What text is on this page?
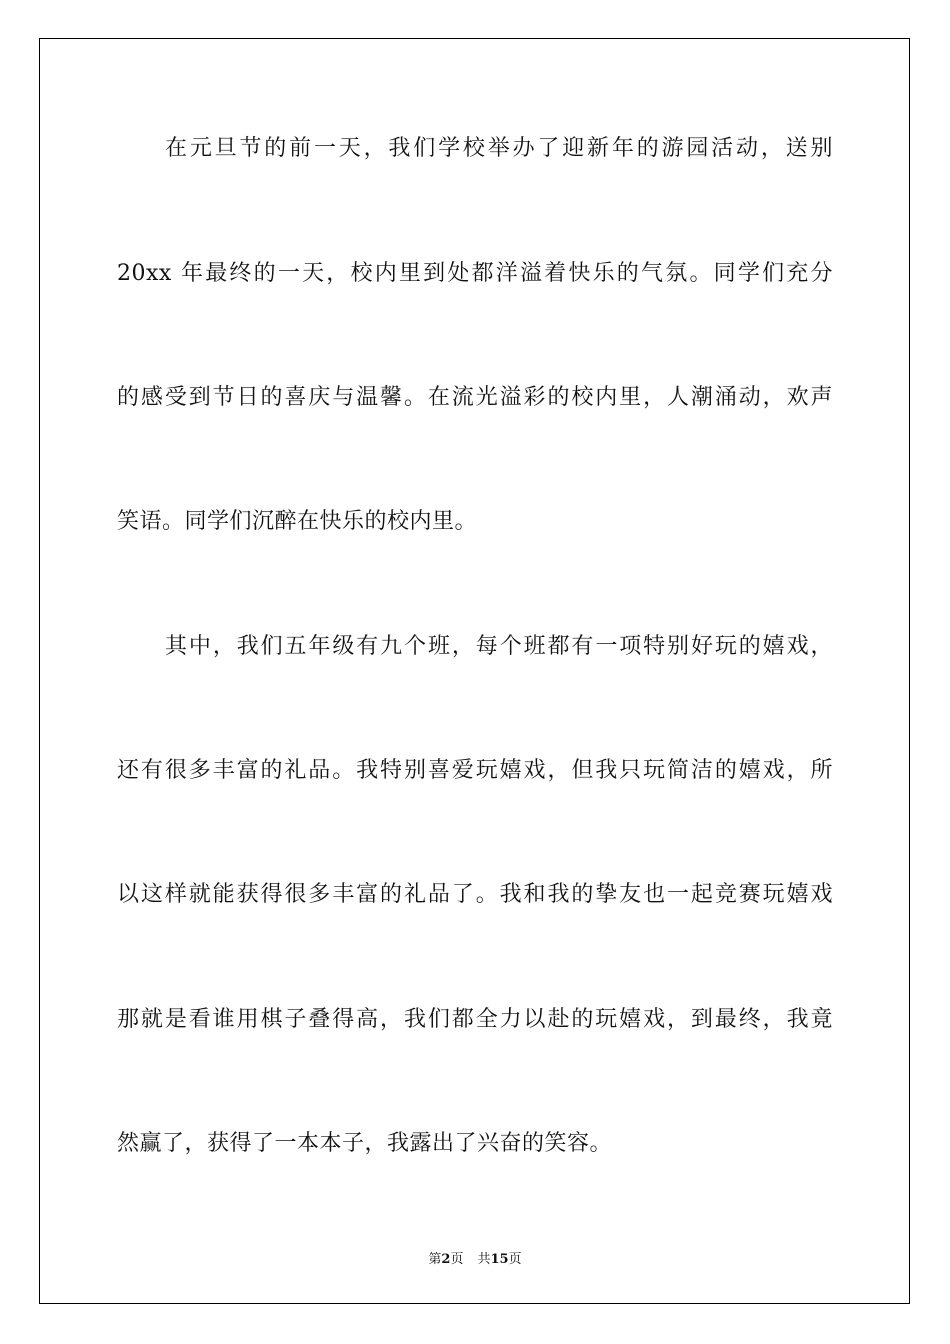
在元旦节的前一天，我们学校举办了迎新年的游园活动，送别
20xx 年最终的一天，校内里到处都洋溢着快乐的气氛。同学们充分
的感受到节日的喜庆与温馨。在流光溢彩的校内里，人潮涌动，欢声
笑语。同学们沉醉在快乐的校内里。
其中，我们五年级有九个班，每个班都有一项特别好玩的嬉戏，
还有很多丰富的礼品。我特别喜爱玩嬉戏，但我只玩简洁的嬉戏，所
以这样就能获得很多丰富的礼品了。我和我的挚友也一起竞赛玩嬉戏
那就是看谁用棋子叠得高，我们都全力以赴的玩嬉戏，到最终，我竟
然赢了，获得了一本本子，我露出了兴奋的笑容。
第2页 共15页
